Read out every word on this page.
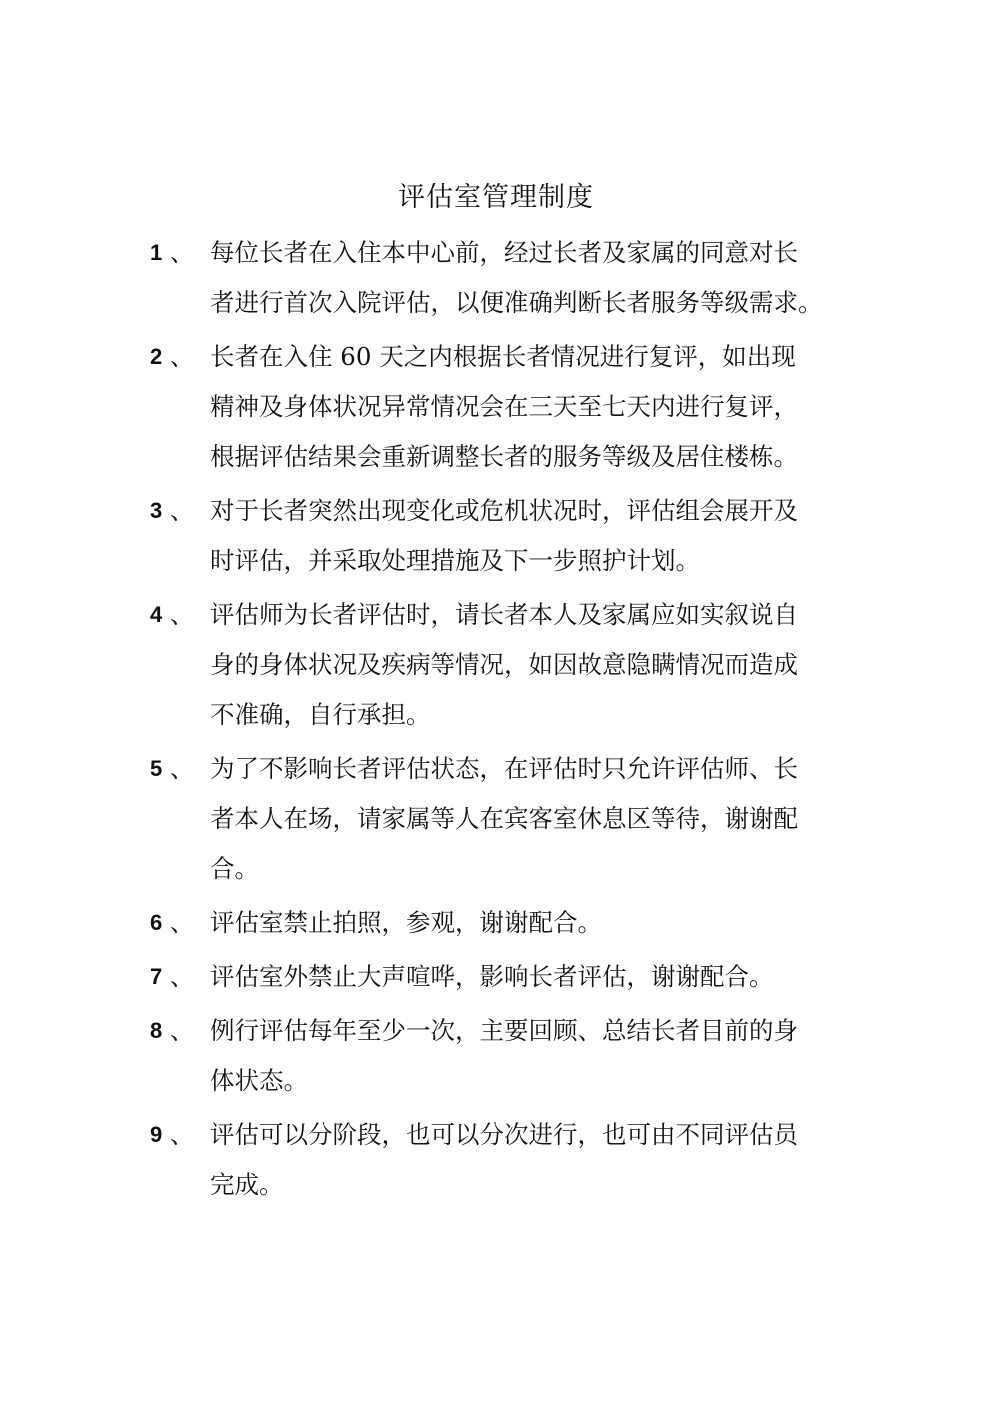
评估室管理制度
1 、 每位长者在入住本中心前，经过长者及家属的同意对长
者进行首次入院评估，以便准确判断长者服务等级需求。
2 、 长者在入住 60 天之内根据长者情况进行复评，如出现
精神及身体状况异常情况会在三天至七天内进行复评，
根据评估结果会重新调整长者的服务等级及居住楼栋。
3 、 对于长者突然出现变化或危机状况时，评估组会展开及
时评估，并采取处理措施及下一步照护计划。
4 、 评估师为长者评估时，请长者本人及家属应如实叙说自
身的身体状况及疾病等情况，如因故意隐瞒情况而造成
不准确，自行承担。
5 、 为了不影响长者评估状态，在评估时只允许评估师、长
者本人在场，请家属等人在宾客室休息区等待，谢谢配
合。
6 、 评估室禁止拍照，参观，谢谢配合。
7 、 评估室外禁止大声喧哗，影响长者评估，谢谢配合。
8 、 例行评估每年至少一次，主要回顾、总结长者目前的身
体状态。
9 、 评估可以分阶段，也可以分次进行，也可由不同评估员
完成。
